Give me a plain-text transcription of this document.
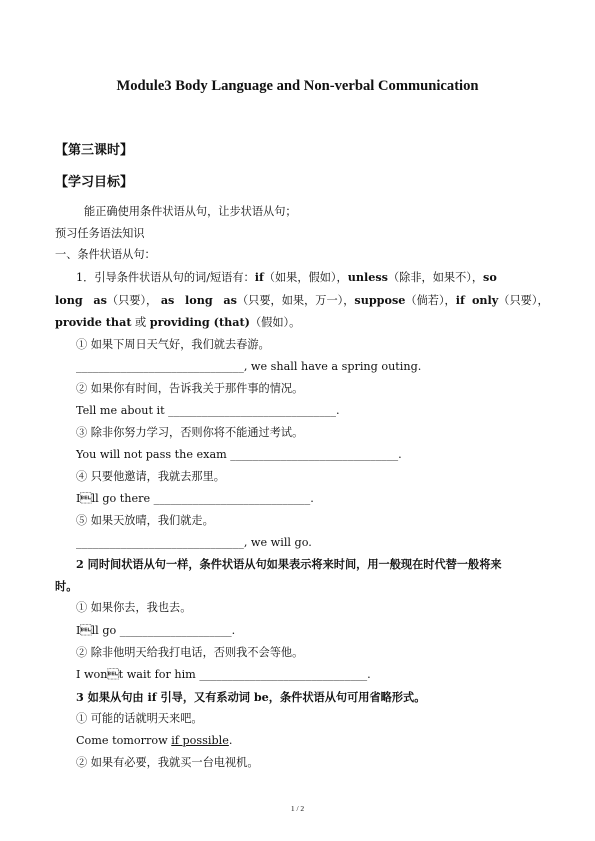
Module3 Body Language and Non-verbal Communication
【第三课时】
【学习目标】
能正确使用条件状语从句，让步状语从句；
预习任务语法知识
一、条件状语从句：
1．引导条件状语从句的词/短语有：if（如果，假如），unless（除非，如果不），so
long as（只要）， as long as（只要，如果，万一），suppose（倘若），if only（只要），
provide that 或 providing (that)（假如）。
① 如果下周日天气好，我们就去春游。
______________________________, we shall have a spring outing.
② 如果你有时间，告诉我关于那件事的情况。
Tell me about it ______________________________.
③ 除非你努力学习，否则你将不能通过考试。
You will not pass the exam ______________________________.
④ 只要他邀请，我就去那里。
Ill go there ____________________________.
⑤ 如果天放晴，我们就走。
______________________________, we will go.
2 同时间状语从句一样，条件状语从句如果表示将来时间，用一般现在时代替一般将来
时。
① 如果你去，我也去。
Ill go ____________________.
② 除非他明天给我打电话，否则我不会等他。
I wont wait for him ______________________________.
3 如果从句由 if 引导，又有系动词 be，条件状语从句可用省略形式。
① 可能的话就明天来吧。
Come tomorrow if possible.
② 如果有必要，我就买一台电视机。
1 / 2
